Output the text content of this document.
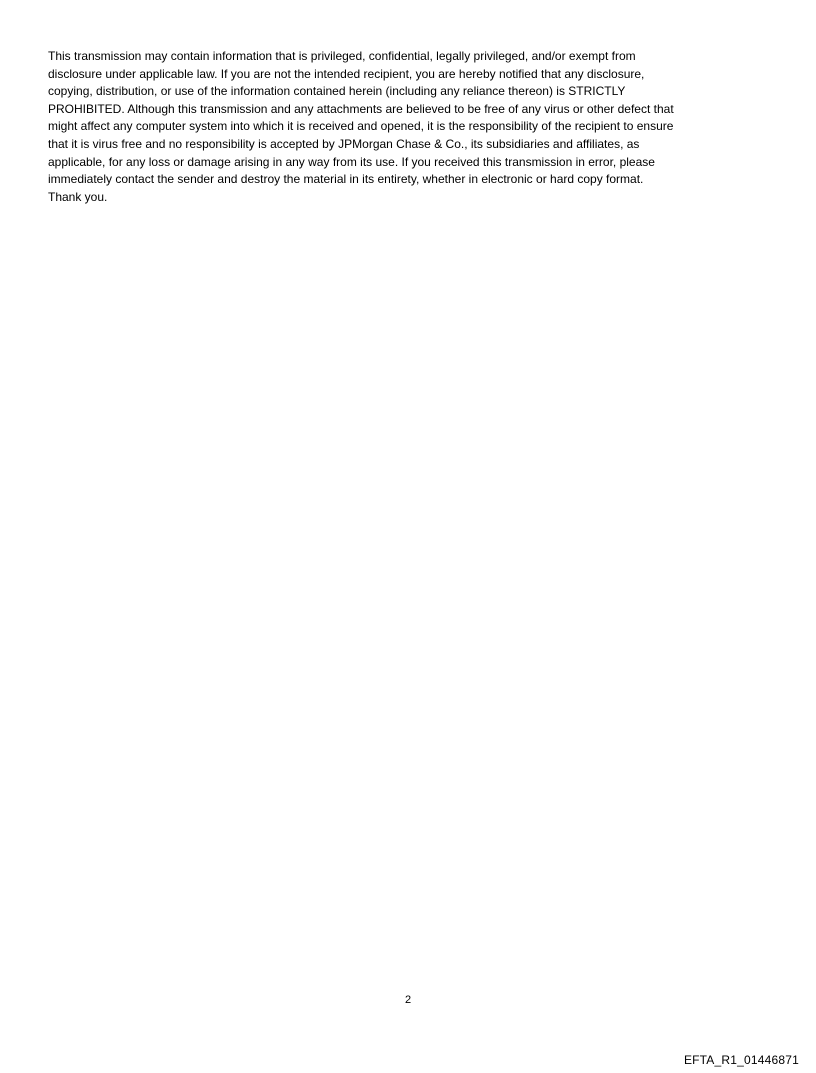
This transmission may contain information that is privileged, confidential, legally privileged, and/or exempt from
disclosure under applicable law. If you are not the intended recipient, you are hereby notified that any disclosure,
copying, distribution, or use of the information contained herein (including any reliance thereon) is STRICTLY
PROHIBITED. Although this transmission and any attachments are believed to be free of any virus or other defect that
might affect any computer system into which it is received and opened, it is the responsibility of the recipient to ensure
that it is virus free and no responsibility is accepted by JPMorgan Chase & Co., its subsidiaries and affiliates, as
applicable, for any loss or damage arising in any way from its use. If you received this transmission in error, please
immediately contact the sender and destroy the material in its entirety, whether in electronic or hard copy format.
Thank you.

2
EFTA_R1_01446871
